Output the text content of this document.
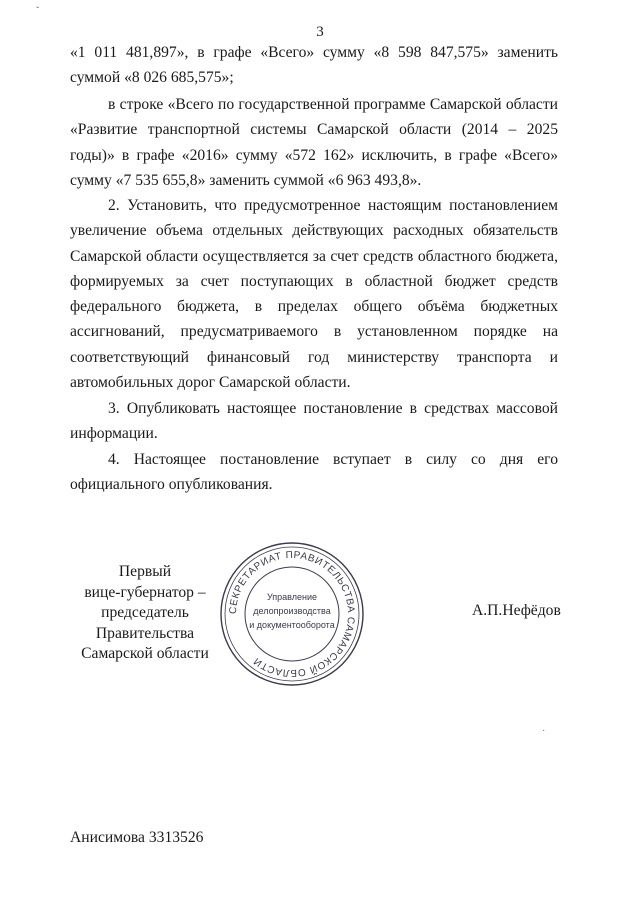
3

«1 011 481,897», в графе «Всего» сумму «8 598 847,575» заменить суммой «8 026 685,575»;

в строке «Всего по государственной программе Самарской области «Развитие транспортной системы Самарской области (2014 – 2025 годы)» в графе «2016» сумму «572 162» исключить, в графе «Всего» сумму «7 535 655,8» заменить суммой «6 963 493,8».

2. Установить, что предусмотренное настоящим постановлением увеличение объема отдельных действующих расходных обязательств Самарской области осуществляется за счет средств областного бюджета, формируемых за счет поступающих в областной бюджет средств федерального бюджета, в пределах общего объёма бюджетных ассигнований, предусматриваемого в установленном порядке на соответствующий финансовый год министерству транспорта и автомобильных дорог Самарской области.

3. Опубликовать настоящее постановление в средствах массовой информации.

4. Настоящее постановление вступает в силу со дня его официального опубликования.

Первый
вице-губернатор –
председатель Правительства
Самарской области
СЕКРЕТАРИАТ ПРАВИТЕЛЬСТВА САМАРСКОЙ ОБЛАСТИ
Управление
делопроизводства
и документооборота
А.П.Нефёдов
Анисимова 3313526
ˇ
·
